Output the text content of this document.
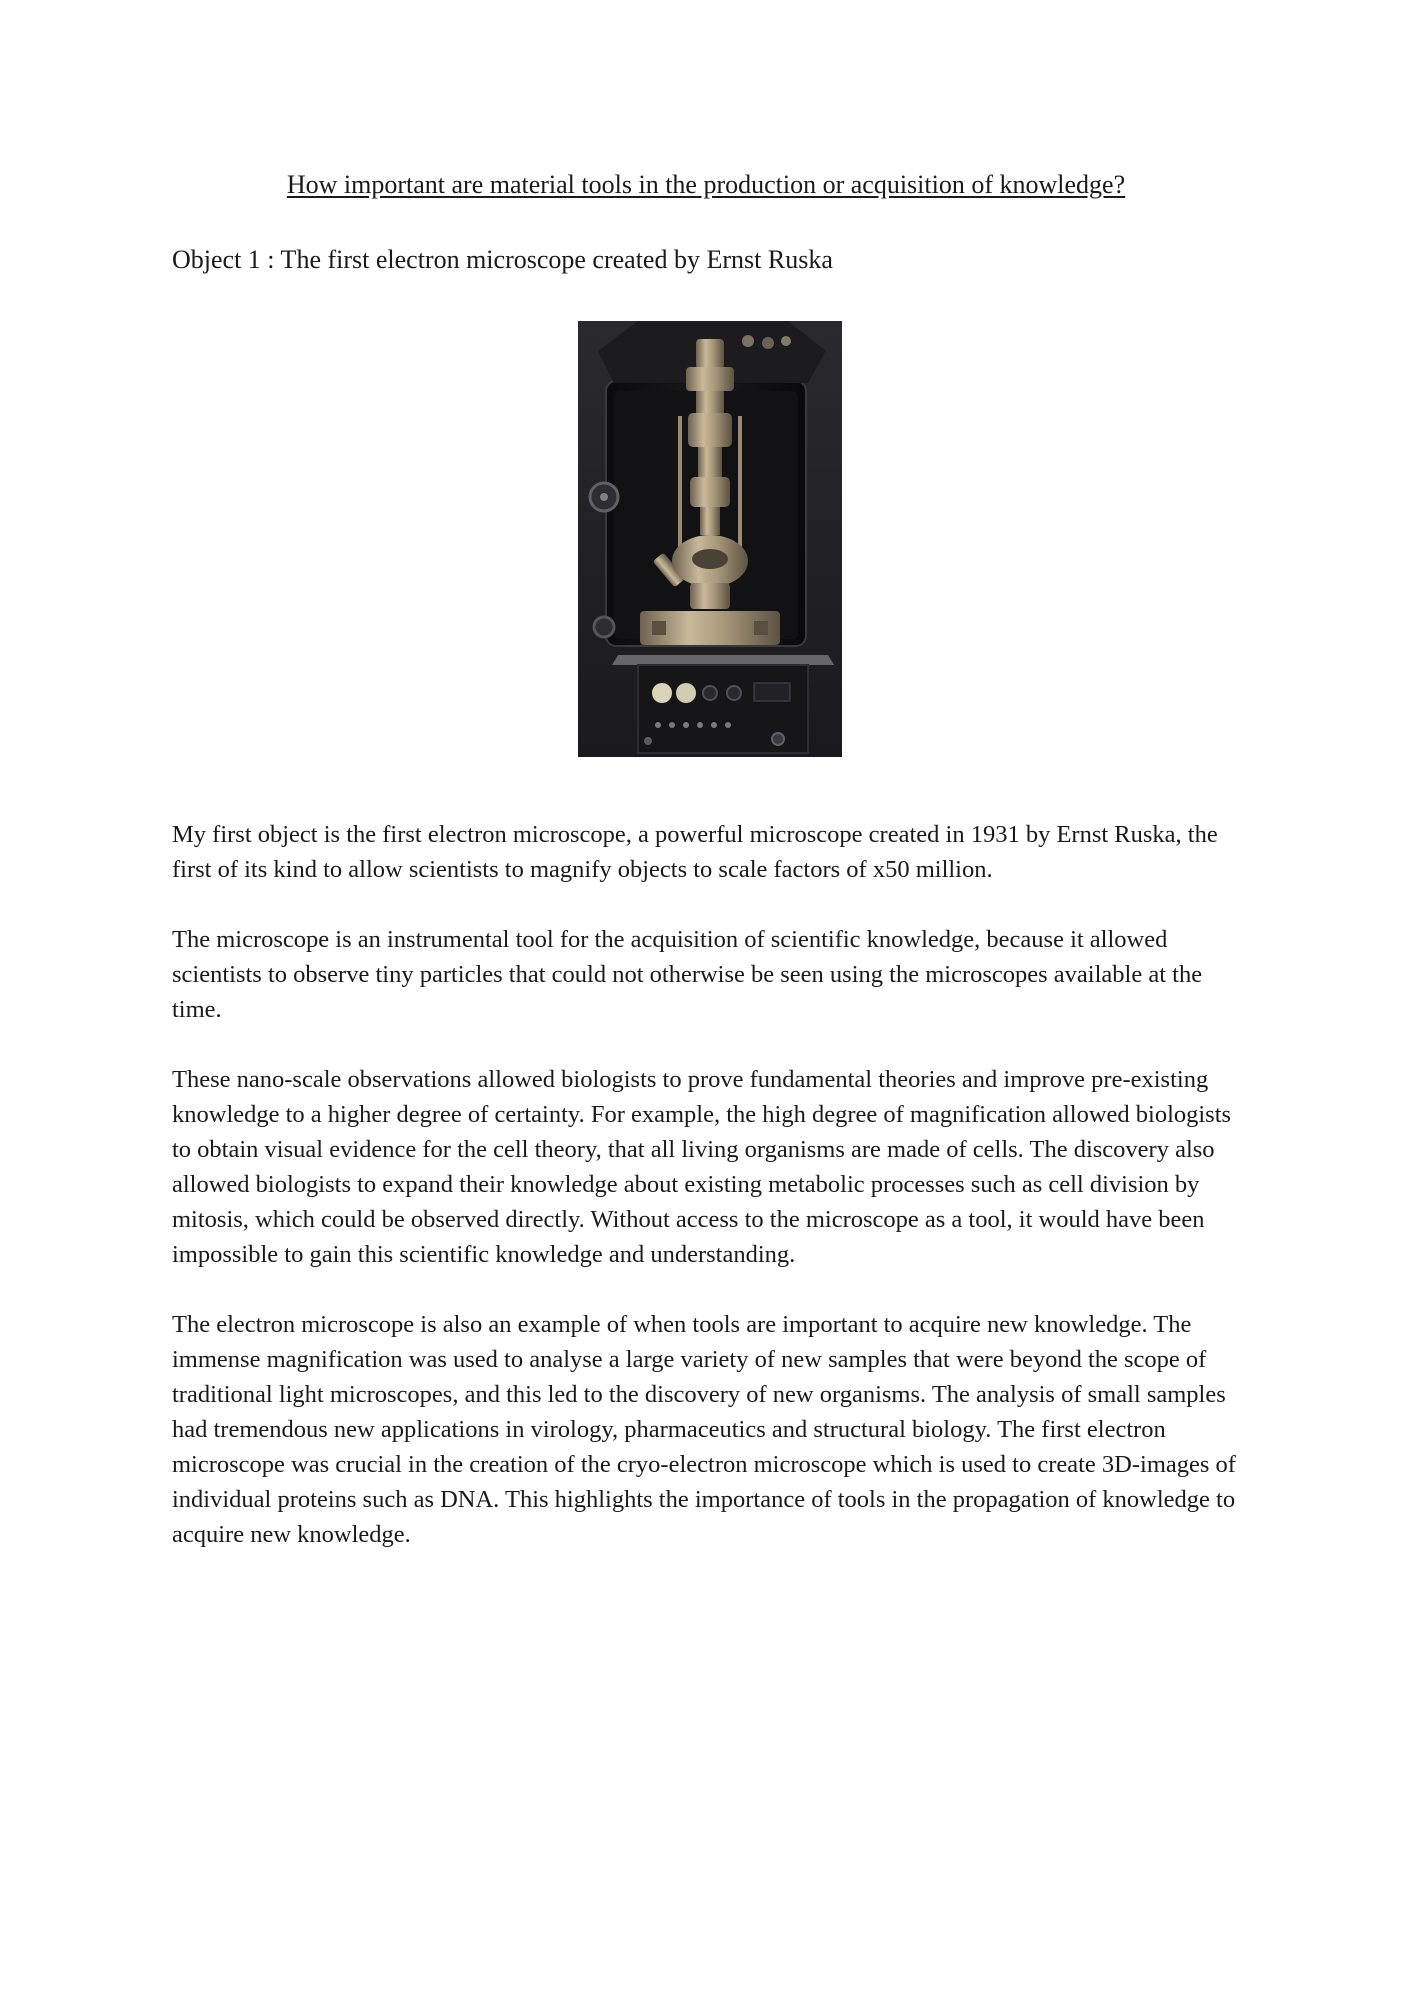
How important are material tools in the production or acquisition of knowledge?

Object 1 : The first electron microscope created by Ernst Ruska

My first object is the first electron microscope, a powerful microscope created in 1931 by Ernst Ruska, the first of its kind to allow scientists to magnify objects to scale factors of x50 million.

The microscope is an instrumental tool for the acquisition of scientific knowledge, because it allowed scientists to observe tiny particles that could not otherwise be seen using the microscopes available at the time.

These nano-scale observations allowed biologists to prove fundamental theories and improve pre-existing knowledge to a higher degree of certainty. For example, the high degree of magnification allowed biologists to obtain visual evidence for the cell theory, that all living organisms are made of cells. The discovery also allowed biologists to expand their knowledge about existing metabolic processes such as cell division by mitosis, which could be observed directly. Without access to the microscope as a tool, it would have been impossible to gain this scientific knowledge and understanding.

The electron microscope is also an example of when tools are important to acquire new knowledge. The immense magnification was used to analyse a large variety of new samples that were beyond the scope of traditional light microscopes, and this led to the discovery of new organisms. The analysis of small samples had tremendous new applications in virology, pharmaceutics and structural biology. The first electron microscope was crucial in the creation of the cryo-electron microscope which is used to create 3D-images of individual proteins such as DNA. This highlights the importance of tools in the propagation of knowledge to acquire new knowledge.
